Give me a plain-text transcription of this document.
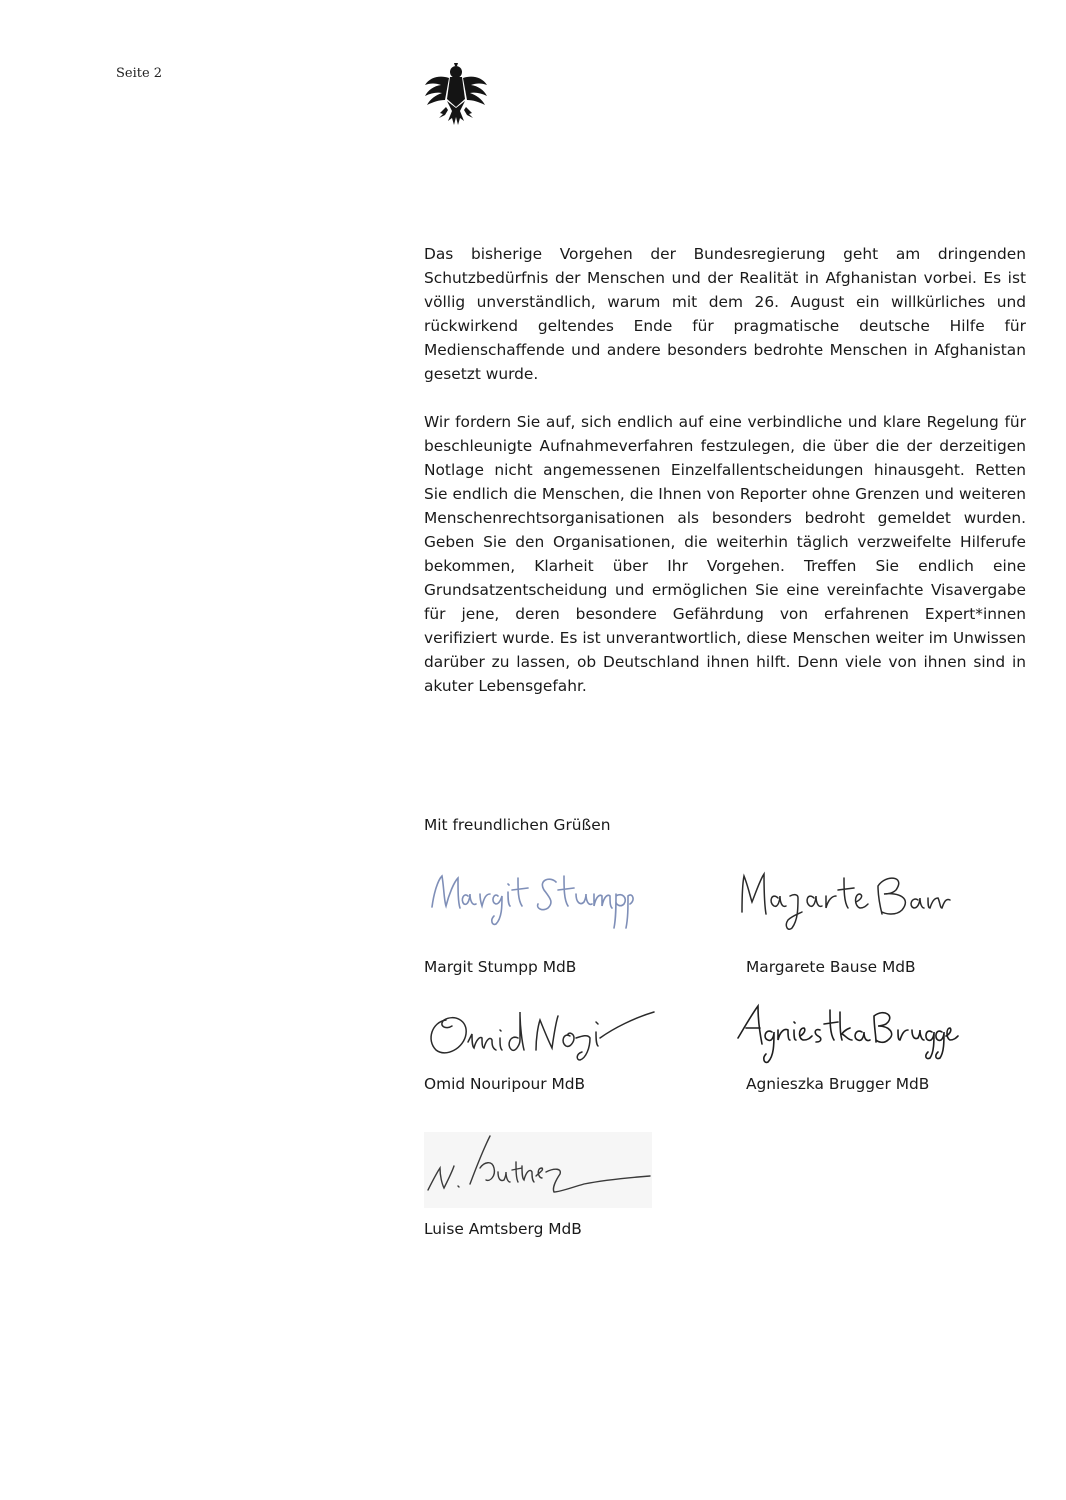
Seite 2

Das bisherige Vorgehen der Bundesregierung geht am dringenden Schutzbedürfnis der Menschen und der Realität in Afghanistan vorbei. Es ist völlig unverständlich, warum mit dem 26. August ein willkürliches und rückwirkend geltendes Ende für pragmatische deutsche Hilfe für Medienschaffende und andere besonders bedrohte Menschen in Afghanistan gesetzt wurde.

Wir fordern Sie auf, sich endlich auf eine verbindliche und klare Regelung für beschleunigte Aufnahmeverfahren festzulegen, die über die der derzeitigen Notlage nicht angemessenen Einzelfallentscheidungen hinausgeht. Retten Sie endlich die Menschen, die Ihnen von Reporter ohne Grenzen und weiteren Menschenrechtsorganisationen als besonders bedroht gemeldet wurden. Geben Sie den Organisationen, die weiterhin täglich verzweifelte Hilferufe bekommen, Klarheit über Ihr Vorgehen. Treffen Sie endlich eine Grundsatzentscheidung und ermöglichen Sie eine vereinfachte Visavergabe für jene, deren besondere Gefährdung von erfahrenen Expert*innen verifiziert wurde. Es ist unverantwortlich, diese Menschen weiter im Unwissen darüber zu lassen, ob Deutschland ihnen hilft. Denn viele von ihnen sind in akuter Lebensgefahr.

Mit freundlichen Grüßen
Margit Stumpp MdB	Margarete Bause MdB
Omid Nouripour MdB	Agnieszka Brugger MdB
Luise Amtsberg MdB
